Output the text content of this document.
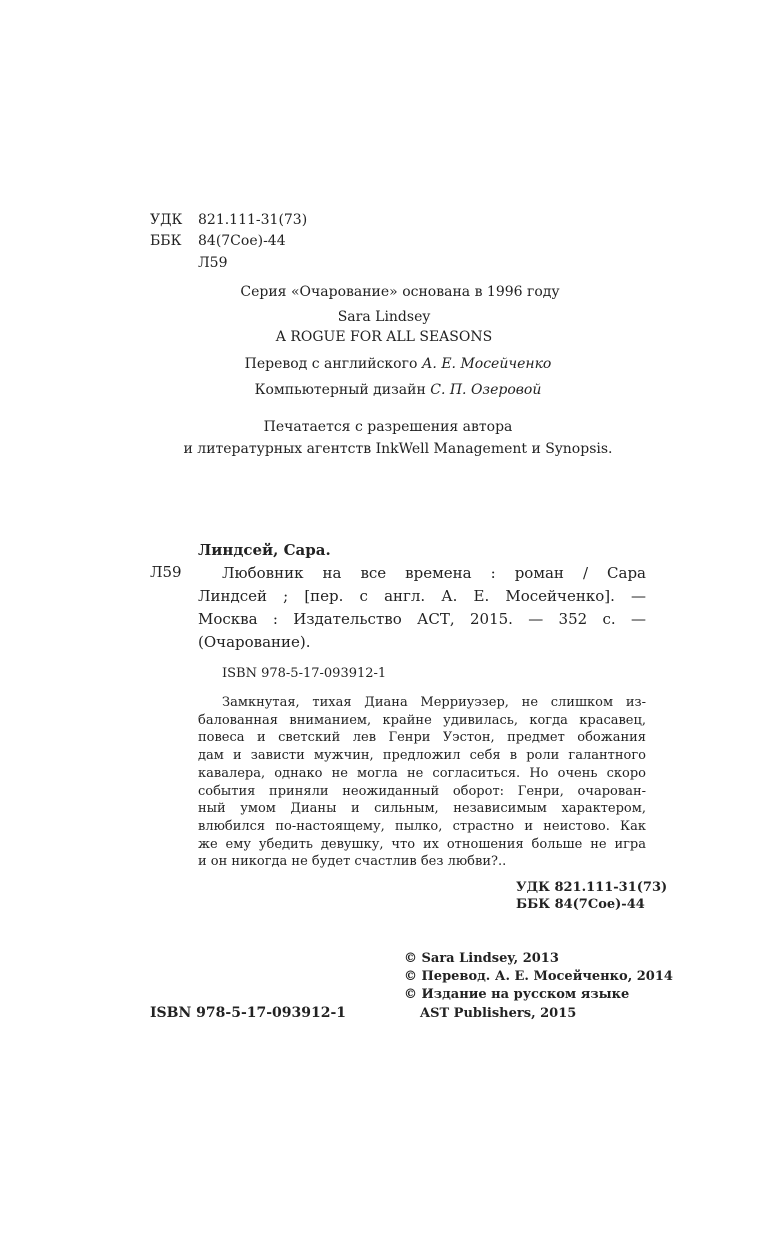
УДК 821.111-31(73)
ББК 84(7Сое)-44
Л59
Серия «Очарование» основана в 1996 году
Sara Lindsey
A ROGUE FOR ALL SEASONS
Перевод с английского А. Е. Мосейченко
Компьютерный дизайн С. П. Озеровой
Печатается с разрешения автора
и литературных агентств InkWell Management и Synopsis.
Линдсей, Сара.
Л59	Любовник на все времена : роман / Сара
Линдсей ; [пер. с англ. А. Е. Мосейченко]. —
Москва : Издательство АСТ, 2015. — 352 с. —
(Очарование).
ISBN 978-5-17-093912-1
Замкнутая, тихая Диана Мерриуэзер, не слишком из-
балованная вниманием, крайне удивилась, когда красавец,
повеса и светский лев Генри Уэстон, предмет обожания
дам и зависти мужчин, предложил себя в роли галантного
кавалера, однако не могла не согласиться. Но очень скоро
события приняли неожиданный оборот: Генри, очарован-
ный умом Дианы и сильным, независимым характером,
влюбился по-настоящему, пылко, страстно и неистово. Как
же ему убедить девушку, что их отношения больше не игра
и он никогда не будет счастлив без любви?..
УДК 821.111-31(73)
ББК 84(7Сое)-44
© Sara Lindsey, 2013
© Перевод. А. Е. Мосейченко, 2014
© Издание на русском языке
AST Publishers, 2015
ISBN 978-5-17-093912-1
